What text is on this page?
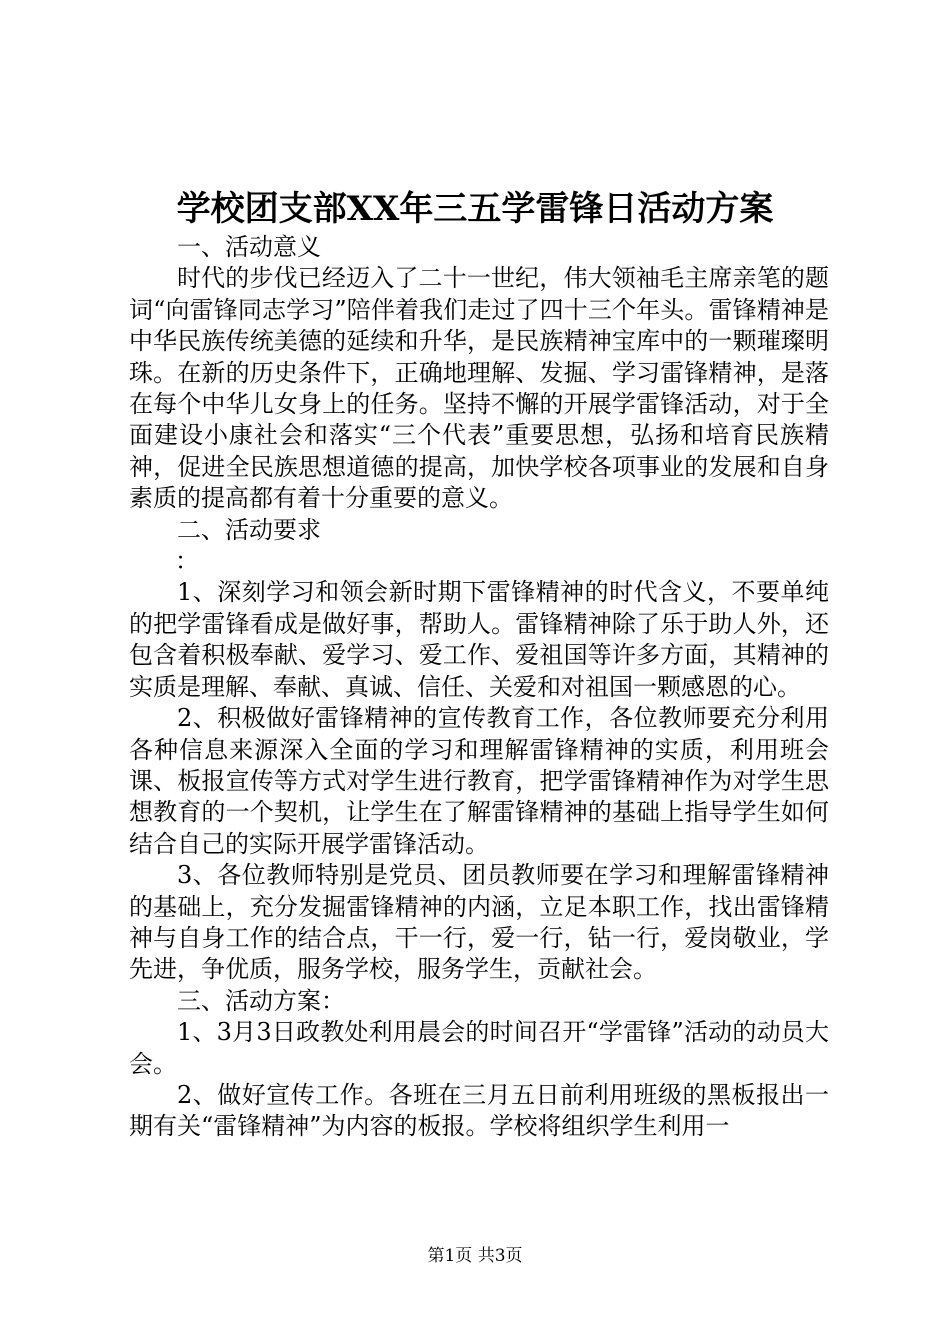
学校团支部XX年三五学雷锋日活动方案

一、活动意义

时代的步伐已经迈入了二十一世纪，伟大领袖毛主席亲笔的题词“向雷锋同志学习”陪伴着我们走过了四十三个年头。雷锋精神是中华民族传统美德的延续和升华，是民族精神宝库中的一颗璀璨明珠。在新的历史条件下，正确地理解、发掘、学习雷锋精神，是落在每个中华儿女身上的任务。坚持不懈的开展学雷锋活动，对于全面建设小康社会和落实“三个代表”重要思想，弘扬和培育民族精神，促进全民族思想道德的提高，加快学校各项事业的发展和自身素质的提高都有着十分重要的意义。

二、活动要求

：

1、深刻学习和领会新时期下雷锋精神的时代含义，不要单纯的把学雷锋看成是做好事，帮助人。雷锋精神除了乐于助人外，还包含着积极奉献、爱学习、爱工作、爱祖国等许多方面，其精神的实质是理解、奉献、真诚、信任、关爱和对祖国一颗感恩的心。

2、积极做好雷锋精神的宣传教育工作，各位教师要充分利用各种信息来源深入全面的学习和理解雷锋精神的实质，利用班会课、板报宣传等方式对学生进行教育，把学雷锋精神作为对学生思想教育的一个契机，让学生在了解雷锋精神的基础上指导学生如何结合自己的实际开展学雷锋活动。

3、各位教师特别是党员、团员教师要在学习和理解雷锋精神的基础上，充分发掘雷锋精神的内涵，立足本职工作，找出雷锋精神与自身工作的结合点，干一行，爱一行，钻一行，爱岗敬业，学先进，争优质，服务学校，服务学生，贡献社会。

三、活动方案：

1、3月3日政教处利用晨会的时间召开“学雷锋”活动的动员大会。

2、做好宣传工作。各班在三月五日前利用班级的黑板报出一期有关“雷锋精神”为内容的板报。学校将组织学生利用一

第1页 共3页
